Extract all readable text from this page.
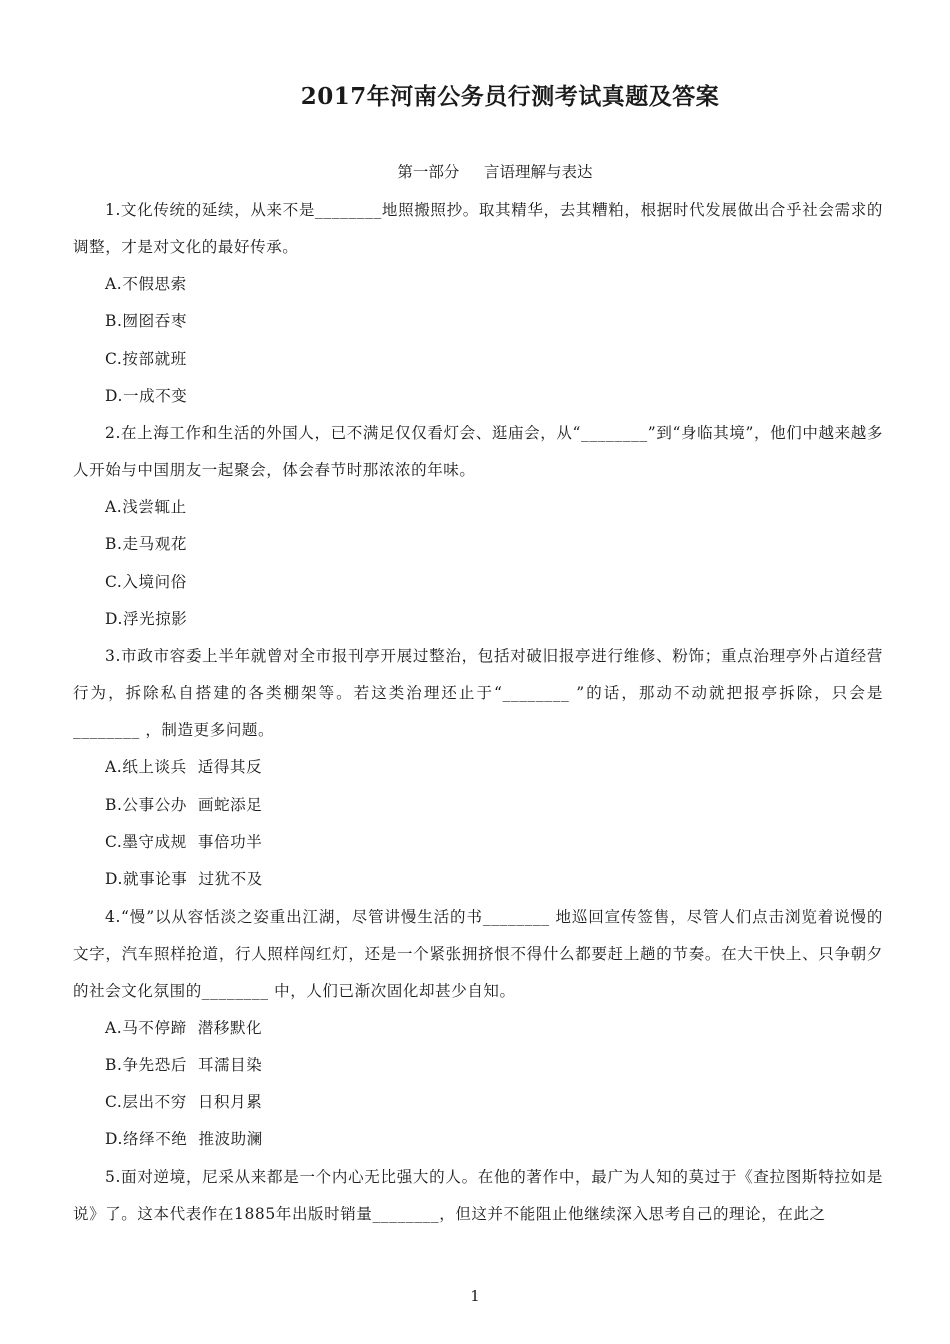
2017年河南公务员行测考试真题及答案
第一部分     言语理解与表达
1.文化传统的延续，从来不是________地照搬照抄。取其精华，去其糟粕，根据时代发展做出合乎社会需求的调整，才是对文化的最好传承。
A.不假思索
B.囫囵吞枣
C.按部就班
D.一成不变
2.在上海工作和生活的外国人，已不满足仅仅看灯会、逛庙会，从“________”到“身临其境”，他们中越来越多人开始与中国朋友一起聚会，体会春节时那浓浓的年味。
A.浅尝辄止
B.走马观花
C.入境问俗
D.浮光掠影
3.市政市容委上半年就曾对全市报刊亭开展过整治，包括对破旧报亭进行维修、粉饰；重点治理亭外占道经营行为，拆除私自搭建的各类棚架等。若这类治理还止于“________ ”的话，那动不动就把报亭拆除，只会是 ________ ，制造更多问题。
A.纸上谈兵  适得其反
B.公事公办  画蛇添足
C.墨守成规  事倍功半
D.就事论事  过犹不及
4.“慢”以从容恬淡之姿重出江湖，尽管讲慢生活的书________ 地巡回宣传签售，尽管人们点击浏览着说慢的文字，汽车照样抢道，行人照样闯红灯，还是一个紧张拥挤恨不得什么都要赶上趟的节奏。在大干快上、只争朝夕的社会文化氛围的________ 中，人们已渐次固化却甚少自知。
A.马不停蹄  潜移默化
B.争先恐后  耳濡目染
C.层出不穷  日积月累
D.络绎不绝  推波助澜
5.面对逆境，尼采从来都是一个内心无比强大的人。在他的著作中，最广为人知的莫过于《查拉图斯特拉如是说》了。这本代表作在1885年出版时销量________，但这并不能阻止他继续深入思考自己的理论，在此之
1
